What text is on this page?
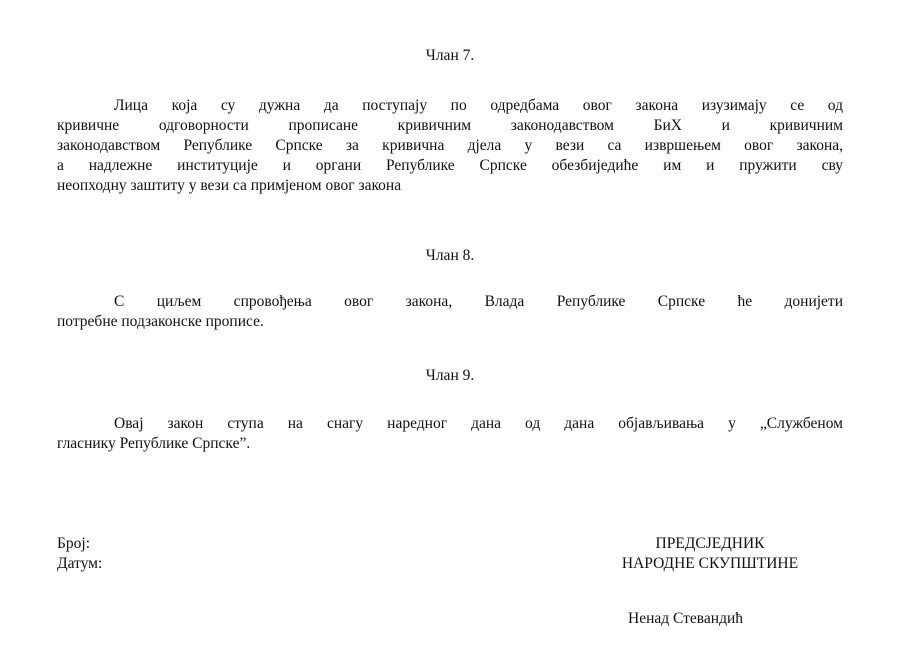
Члан 7.
Лица која су дужна да поступају по одредбама овог закона изузимају се од
кривичне одговорности прописане кривичним законодавством БиХ и кривичним
законодавством Републике Српске за кривична дјела у вези са извршењем овог закона,
а надлежне институције и органи Републике Српске обезбиједиће им и пружити сву
неопходну заштиту у вези са примјеном овог закона
Члан 8.
С циљем спровођења овог закона, Влада Републике Српске ће донијети
потребне подзаконске прописе.
Члан 9.
Овај закон ступа на снагу наредног дана од дана објављивања у „Службеном
гласнику Републике Српске”.
Број:
Датум:
ПРЕДСЈЕДНИК
НАРОДНЕ СКУПШТИНЕ
Ненад Стевандић
